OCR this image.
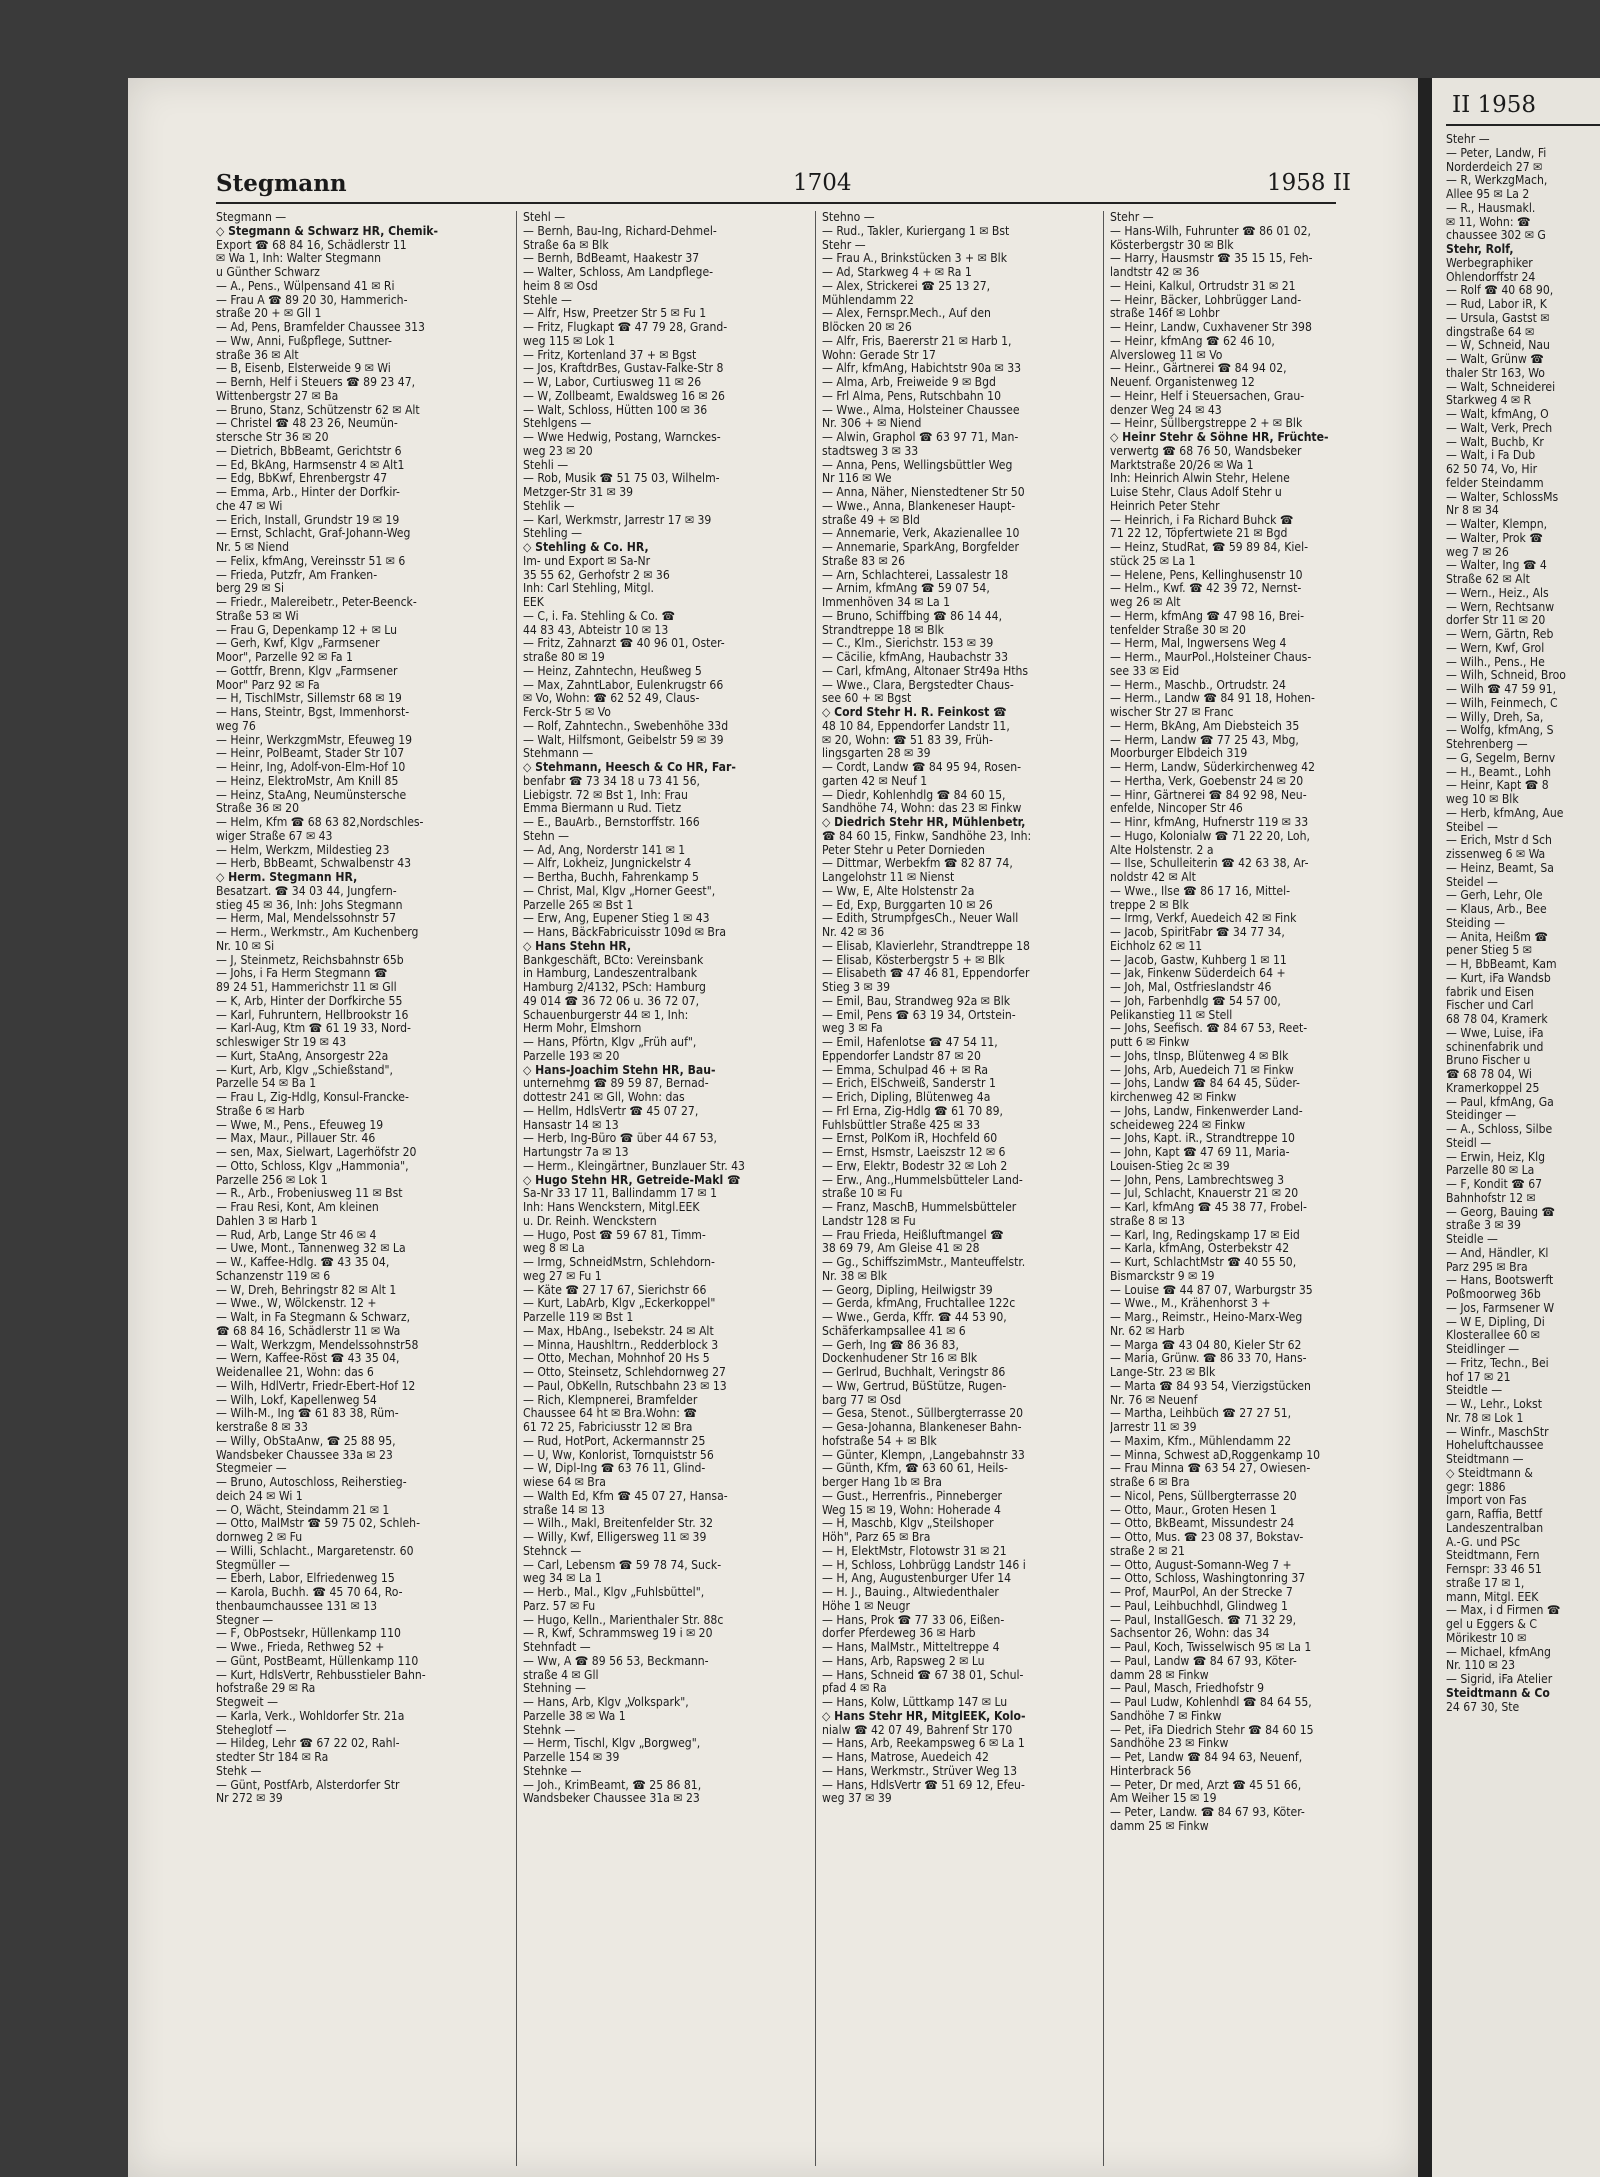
Stegmann	1704	1958 II
Stegmann —
◇ Stegmann & Schwarz HR, Chemik-
Export ☎ 68 84 16, Schädlerstr 11
✉ Wa 1, Inh: Walter Stegmann
u Günther Schwarz
— A., Pens., Wülpensand 41 ✉ Ri
— Frau A ☎ 89 20 30, Hammerich-
straße 20 + ✉ Gll 1
— Ad, Pens, Bramfelder Chaussee 313
— Ww, Anni, Fußpflege, Suttner-
straße 36 ✉ Alt
— B, Eisenb, Elsterweide 9 ✉ Wi
— Bernh, Helf i Steuers ☎ 89 23 47,
Wittenbergstr 27 ✉ Ba
— Bruno, Stanz, Schützenstr 62 ✉ Alt
— Christel ☎ 48 23 26, Neumün-
stersche Str 36 ✉ 20
— Dietrich, BbBeamt, Gerichtstr 6
— Ed, BkAng, Harmsenstr 4 ✉ Alt1
— Edg, BbKwf, Ehrenbergstr 47
— Emma, Arb., Hinter der Dorfkir-
che 47 ✉ Wi
— Erich, Install, Grundstr 19 ✉ 19
— Ernst, Schlacht, Graf-Johann-Weg
Nr. 5 ✉ Niend
— Felix, kfmAng, Vereinsstr 51 ✉ 6
— Frieda, Putzfr, Am Franken-
berg 29 ✉ Si
— Friedr., Malereibetr., Peter-Beenck-
Straße 53 ✉ Wi
— Frau G, Depenkamp 12 + ✉ Lu
— Gerh, Kwf, Klgv „Farmsener
Moor", Parzelle 92 ✉ Fa 1
— Gottfr, Brenn, Klgv „Farmsener
Moor" Parz 92 ✉ Fa
— H, TischlMstr, Sillemstr 68 ✉ 19
— Hans, Steintr, Bgst, Immenhorst-
weg 76
— Heinr, WerkzgmMstr, Efeuweg 19
— Heinr, PolBeamt, Stader Str 107
— Heinr, Ing, Adolf-von-Elm-Hof 10
— Heinz, ElektroMstr, Am Knill 85
— Heinz, StaAng, Neumünstersche
Straße 36 ✉ 20
— Helm, Kfm ☎ 68 63 82,Nordschles-
wiger Straße 67 ✉ 43
— Helm, Werkzm, Mildestieg 23
— Herb, BbBeamt, Schwalbenstr 43
◇ Herm. Stegmann HR,
Besatzart. ☎ 34 03 44, Jungfern-
stieg 45 ✉ 36, Inh: Johs Stegmann
— Herm, Mal, Mendelssohnstr 57
— Herm., Werkmstr., Am Kuchenberg
Nr. 10 ✉ Si
— J, Steinmetz, Reichsbahnstr 65b
— Johs, i Fa Herm Stegmann ☎
89 24 51, Hammerichstr 11 ✉ Gll
— K, Arb, Hinter der Dorfkirche 55
— Karl, Fuhruntern, Hellbrookstr 16
— Karl-Aug, Ktm ☎ 61 19 33, Nord-
schleswiger Str 19 ✉ 43
— Kurt, StaAng, Ansorgestr 22a
— Kurt, Arb, Klgv „Schießstand",
Parzelle 54 ✉ Ba 1
— Frau L, Zig-Hdlg, Konsul-Francke-
Straße 6 ✉ Harb
— Wwe, M., Pens., Efeuweg 19
— Max, Maur., Pillauer Str. 46
— sen, Max, Sielwart, Lagerhöfstr 20
— Otto, Schloss, Klgv „Hammonia",
Parzelle 256 ✉ Lok 1
— R., Arb., Frobeniusweg 11 ✉ Bst
— Frau Resi, Kont, Am kleinen
Dahlen 3 ✉ Harb 1
— Rud, Arb, Lange Str 46 ✉ 4
— Uwe, Mont., Tannenweg 32 ✉ La
— W., Kaffee-Hdlg. ☎ 43 35 04,
Schanzenstr 119 ✉ 6
— W, Dreh, Behringstr 82 ✉ Alt 1
— Wwe., W, Wölckenstr. 12 +
— Walt, in Fa Stegmann & Schwarz,
☎ 68 84 16, Schädlerstr 11 ✉ Wa
— Walt, Werkzgm, Mendelssohnstr58
— Wern, Kaffee-Röst ☎ 43 35 04,
Weidenallee 21, Wohn: das 6
— Wilh, HdlVertr, Friedr-Ebert-Hof 12
— Wilh, Lokf, Kapellenweg 54
— Wilh-M., Ing ☎ 61 83 38, Rüm-
kerstraße 8 ✉ 33
— Willy, ObStaAnw, ☎ 25 88 95,
Wandsbeker Chaussee 33a ✉ 23
Stegmeier —
— Bruno, Autoschloss, Reiherstieg-
deich 24 ✉ Wi 1
— O, Wächt, Steindamm 21 ✉ 1
— Otto, MalMstr ☎ 59 75 02, Schleh-
dornweg 2 ✉ Fu
— Willi, Schlacht., Margaretenstr. 60
Stegmüller —
— Eberh, Labor, Elfriedenweg 15
— Karola, Buchh. ☎ 45 70 64, Ro-
thenbaumchaussee 131 ✉ 13
Stegner —
— F, ObPostsekr, Hüllenkamp 110
— Wwe., Frieda, Rethweg 52 +
— Günt, PostBeamt, Hüllenkamp 110
— Kurt, HdlsVertr, Rehbusstieler Bahn-
hofstraße 29 ✉ Ra
Stegweit —
— Karla, Verk., Wohldorfer Str. 21a
Steheglotf —
— Hildeg, Lehr ☎ 67 22 02, Rahl-
stedter Str 184 ✉ Ra
Stehk —
— Günt, PostfArb, Alsterdorfer Str
Nr 272 ✉ 39
Stehl —
— Bernh, Bau-Ing, Richard-Dehmel-
Straße 6a ✉ Blk
— Bernh, BdBeamt, Haakestr 37
— Walter, Schloss, Am Landpflege-
heim 8 ✉ Osd
Stehle —
— Alfr, Hsw, Preetzer Str 5 ✉ Fu 1
— Fritz, Flugkapt ☎ 47 79 28, Grand-
weg 115 ✉ Lok 1
— Fritz, Kortenland 37 + ✉ Bgst
— Jos, KraftdrBes, Gustav-Falke-Str 8
— W, Labor, Curtiusweg 11 ✉ 26
— W, Zollbeamt, Ewaldsweg 16 ✉ 26
— Walt, Schloss, Hütten 100 ✉ 36
Stehlgens —
— Wwe Hedwig, Postang, Warnckes-
weg 23 ✉ 20
Stehli —
— Rob, Musik ☎ 51 75 03, Wilhelm-
Metzger-Str 31 ✉ 39
Stehlik —
— Karl, Werkmstr, Jarrestr 17 ✉ 39
Stehling —
◇ Stehling & Co. HR,
Im- und Export ✉ Sa-Nr
35 55 62, Gerhofstr 2 ✉ 36
Inh: Carl Stehling, Mitgl.
EEK
— C, i. Fa. Stehling & Co. ☎
44 83 43, Abteistr 10 ✉ 13
— Fritz, Zahnarzt ☎ 40 96 01, Oster-
straße 80 ✉ 19
— Heinz, Zahntechn, Heußweg 5
— Max, ZahntLabor, Eulenkrugstr 66
✉ Vo, Wohn: ☎ 62 52 49, Claus-
Ferck-Str 5 ✉ Vo
— Rolf, Zahntechn., Swebenhöhe 33d
— Walt, Hilfsmont, Geibelstr 59 ✉ 39
Stehmann —
◇ Stehmann, Heesch & Co HR, Far-
benfabr ☎ 73 34 18 u 73 41 56,
Liebigstr. 72 ✉ Bst 1, Inh: Frau
Emma Biermann u Rud. Tietz
— E., BauArb., Bernstorffstr. 166
Stehn —
— Ad, Ang, Norderstr 141 ✉ 1
— Alfr, Lokheiz, Jungnickelstr 4
— Bertha, Buchh, Fahrenkamp 5
— Christ, Mal, Klgv „Horner Geest",
Parzelle 265 ✉ Bst 1
— Erw, Ang, Eupener Stieg 1 ✉ 43
— Hans, BäckFabricuisstr 109d ✉ Bra
◇ Hans Stehn HR,
Bankgeschäft, BCto: Vereinsbank
in Hamburg, Landeszentralbank
Hamburg 2/4132, PSch: Hamburg
49 014 ☎ 36 72 06 u. 36 72 07,
Schauenburgerstr 44 ✉ 1, Inh:
Herm Mohr, Elmshorn
— Hans, Pförtn, Klgv „Früh auf",
Parzelle 193 ✉ 20
◇ Hans-Joachim Stehn HR, Bau-
unternehmg ☎ 89 59 87, Bernad-
dottestr 241 ✉ Gll, Wohn: das
— Hellm, HdlsVertr ☎ 45 07 27,
Hansastr 14 ✉ 13
— Herb, Ing-Büro ☎ über 44 67 53,
Hartungstr 7a ✉ 13
— Herm., Kleingärtner, Bunzlauer Str. 43
◇ Hugo Stehn HR, Getreide-Makl ☎
Sa-Nr 33 17 11, Ballindamm 17 ✉ 1
Inh: Hans Wenckstern, Mitgl.EEK
u. Dr. Reinh. Wenckstern
— Hugo, Post ☎ 59 67 81, Timm-
weg 8 ✉ La
— Irmg, SchneidMstrn, Schlehdorn-
weg 27 ✉ Fu 1
— Käte ☎ 27 17 67, Sierichstr 66
— Kurt, LabArb, Klgv „Eckerkoppel"
Parzelle 119 ✉ Bst 1
— Max, HbAng., Isebekstr. 24 ✉ Alt
— Minna, Haushltrn., Redderblock 3
— Otto, Mechan, Mohnhof 20 Hs 5
— Otto, Steinsetz, Schlehdornweg 27
— Paul, ObKelln, Rutschbahn 23 ✉ 13
— Rich, Klempnerei, Bramfelder
Chaussee 64 ht ✉ Bra.Wohn: ☎
61 72 25, Fabriciusstr 12 ✉ Bra
— Rud, HotPort, Ackermannstr 25
— U, Ww, Konlorist, Tornquiststr 56
— W, Dipl-Ing ☎ 63 76 11, Glind-
wiese 64 ✉ Bra
— Walth Ed, Kfm ☎ 45 07 27, Hansa-
straße 14 ✉ 13
— Wilh., Makl, Breitenfelder Str. 32
— Willy, Kwf, Elligersweg 11 ✉ 39
Stehnck —
— Carl, Lebensm ☎ 59 78 74, Suck-
weg 34 ✉ La 1
— Herb., Mal., Klgv „Fuhlsbüttel",
Parz. 57 ✉ Fu
— Hugo, Kelln., Marienthaler Str. 88c
— R, Kwf, Schrammsweg 19 i ✉ 20
Stehnfadt —
— Ww, A ☎ 89 56 53, Beckmann-
straße 4 ✉ Gll
Stehning —
— Hans, Arb, Klgv „Volkspark",
Parzelle 38 ✉ Wa 1
Stehnk —
— Herm, Tischl, Klgv „Borgweg",
Parzelle 154 ✉ 39
Stehnke —
— Joh., KrimBeamt, ☎ 25 86 81,
Wandsbeker Chaussee 31a ✉ 23
Stehno —
— Rud., Takler, Kuriergang 1 ✉ Bst
Stehr —
— Frau A., Brinkstücken 3 + ✉ Blk
— Ad, Starkweg 4 + ✉ Ra 1
— Alex, Strickerei ☎ 25 13 27,
Mühlendamm 22
— Alex, Fernspr.Mech., Auf den
Blöcken 20 ✉ 26
— Alfr, Fris, Baererstr 21 ✉ Harb 1,
Wohn: Gerade Str 17
— Alfr, kfmAng, Habichtstr 90a ✉ 33
— Alma, Arb, Freiweide 9 ✉ Bgd
— Frl Alma, Pens, Rutschbahn 10
— Wwe., Alma, Holsteiner Chaussee
Nr. 306 + ✉ Niend
— Alwin, Graphol ☎ 63 97 71, Man-
stadtsweg 3 ✉ 33
— Anna, Pens, Wellingsbüttler Weg
Nr 116 ✉ We
— Anna, Näher, Nienstedtener Str 50
— Wwe., Anna, Blankeneser Haupt-
straße 49 + ✉ Bld
— Annemarie, Verk, Akazienallee 10
— Annemarie, SparkAng, Borgfelder
Straße 83 ✉ 26
— Arn, Schlachterei, Lassalestr 18
— Arnim, kfmAng ☎ 59 07 54,
Immenhöven 34 ✉ La 1
— Bruno, Schiffbing ☎ 86 14 44,
Strandtreppe 18 ✉ Blk
— C., Klm., Sierichstr. 153 ✉ 39
— Cäcilie, kfmAng, Haubachstr 33
— Carl, kfmAng, Altonaer Str49a Hths
— Wwe., Clara, Bergstedter Chaus-
see 60 + ✉ Bgst
◇ Cord Stehr H. R. Feinkost ☎
48 10 84, Eppendorfer Landstr 11,
✉ 20, Wohn: ☎ 51 83 39, Früh-
lingsgarten 28 ✉ 39
— Cordt, Landw ☎ 84 95 94, Rosen-
garten 42 ✉ Neuf 1
— Diedr, Kohlenhdlg ☎ 84 60 15,
Sandhöhe 74, Wohn: das 23 ✉ Finkw
◇ Diedrich Stehr HR, Mühlenbetr,
☎ 84 60 15, Finkw, Sandhöhe 23, Inh:
Peter Stehr u Peter Dornieden
— Dittmar, Werbekfm ☎ 82 87 74,
Langelohstr 11 ✉ Nienst
— Ww, E, Alte Holstenstr 2a
— Ed, Exp, Burggarten 10 ✉ 26
— Edith, StrumpfgesCh., Neuer Wall
Nr. 42 ✉ 36
— Elisab, Klavierlehr, Strandtreppe 18
— Elisab, Kösterbergstr 5 + ✉ Blk
— Elisabeth ☎ 47 46 81, Eppendorfer
Stieg 3 ✉ 39
— Emil, Bau, Strandweg 92a ✉ Blk
— Emil, Pens ☎ 63 19 34, Ortstein-
weg 3 ✉ Fa
— Emil, Hafenlotse ☎ 47 54 11,
Eppendorfer Landstr 87 ✉ 20
— Emma, Schulpad 46 + ✉ Ra
— Erich, ElSchweiß, Sanderstr 1
— Erich, Dipling, Blütenweg 4a
— Frl Erna, Zig-Hdlg ☎ 61 70 89,
Fuhlsbüttler Straße 425 ✉ 33
— Ernst, PolKom iR, Hochfeld 60
— Ernst, Hsmstr, Laeiszstr 12 ✉ 6
— Erw, Elektr, Bodestr 32 ✉ Loh 2
— Erw., Ang.,Hummelsbütteler Land-
straße 10 ✉ Fu
— Franz, MaschB, Hummelsbütteler
Landstr 128 ✉ Fu
— Frau Frieda, Heißluftmangel ☎
38 69 79, Am Gleise 41 ✉ 28
— Gg., SchiffszimMstr., Manteuffelstr.
Nr. 38 ✉ Blk
— Georg, Dipling, Heilwigstr 39
— Gerda, kfmAng, Fruchtallee 122c
— Wwe., Gerda, Kffr. ☎ 44 53 90,
Schäferkampsallee 41 ✉ 6
— Gerh, Ing ☎ 86 36 83,
Dockenhudener Str 16 ✉ Blk
— Gerlrud, Buchhalt, Veringstr 86
— Ww, Gertrud, BüStütze, Rugen-
barg 77 ✉ Osd
— Gesa, Stenot., Süllbergterrasse 20
— Gesa-Johanna, Blankeneser Bahn-
hofstraße 54 + ✉ Blk
— Günter, Klempn, ,Langebahnstr 33
— Günth, Kfm, ☎ 63 60 61, Heils-
berger Hang 1b ✉ Bra
— Gust., Herrenfris., Pinneberger
Weg 15 ✉ 19, Wohn: Hoherade 4
— H, Maschb, Klgv „Steilshoper
Höh", Parz 65 ✉ Bra
— H, ElektMstr, Flotowstr 31 ✉ 21
— H, Schloss, Lohbrügg Landstr 146 i
— H, Ang, Augustenburger Ufer 14
— H. J., Bauing., Altwiedenthaler
Höhe 1 ✉ Neugr
— Hans, Prok ☎ 77 33 06, Eißen-
dorfer Pferdeweg 36 ✉ Harb
— Hans, MalMstr., Mitteltreppe 4
— Hans, Arb, Rapsweg 2 ✉ Lu
— Hans, Schneid ☎ 67 38 01, Schul-
pfad 4 ✉ Ra
— Hans, Kolw, Lüttkamp 147 ✉ Lu
◇ Hans Stehr HR, MitglEEK, Kolo-
nialw ☎ 42 07 49, Bahrenf Str 170
— Hans, Arb, Reekampsweg 6 ✉ La 1
— Hans, Matrose, Auedeich 42
— Hans, Werkmstr., Strüver Weg 13
— Hans, HdlsVertr ☎ 51 69 12, Efeu-
weg 37 ✉ 39
Stehr —
— Hans-Wilh, Fuhrunter ☎ 86 01 02,
Kösterbergstr 30 ✉ Blk
— Harry, Hausmstr ☎ 35 15 15, Feh-
landtstr 42 ✉ 36
— Heini, Kalkul, Ortrudstr 31 ✉ 21
— Heinr, Bäcker, Lohbrügger Land-
straße 146f ✉ Lohbr
— Heinr, Landw, Cuxhavener Str 398
— Heinr, kfmAng ☎ 62 46 10,
Alversloweg 11 ✉ Vo
— Heinr., Gärtnerei ☎ 84 94 02,
Neuenf. Organistenweg 12
— Heinr, Helf i Steuersachen, Grau-
denzer Weg 24 ✉ 43
— Heinr, Süllbergstreppe 2 + ✉ Blk
◇ Heinr Stehr & Söhne HR, Früchte-
verwertg ☎ 68 76 50, Wandsbeker
Marktstraße 20/26 ✉ Wa 1
Inh: Heinrich Alwin Stehr, Helene
Luise Stehr, Claus Adolf Stehr u
Heinrich Peter Stehr
— Heinrich, i Fa Richard Buhck ☎
71 22 12, Töpfertwiete 21 ✉ Bgd
— Heinz, StudRat, ☎ 59 89 84, Kiel-
stück 25 ✉ La 1
— Helene, Pens, Kellinghusenstr 10
— Helm., Kwf. ☎ 42 39 72, Nernst-
weg 26 ✉ Alt
— Herm, kfmAng ☎ 47 98 16, Brei-
tenfelder Straße 30 ✉ 20
— Herm, Mal, Ingwersens Weg 4
— Herm., MaurPol.,Holsteiner Chaus-
see 33 ✉ Eid
— Herm., Maschb., Ortrudstr. 24
— Herm., Landw ☎ 84 91 18, Hohen-
wischer Str 27 ✉ Franc
— Herm, BkAng, Am Diebsteich 35
— Herm, Landw ☎ 77 25 43, Mbg,
Moorburger Elbdeich 319
— Herm, Landw, Süderkirchenweg 42
— Hertha, Verk, Goebenstr 24 ✉ 20
— Hinr, Gärtnerei ☎ 84 92 98, Neu-
enfelde, Nincoper Str 46
— Hinr, kfmAng, Hufnerstr 119 ✉ 33
— Hugo, Kolonialw ☎ 71 22 20, Loh,
Alte Holstenstr. 2 a
— Ilse, Schulleiterin ☎ 42 63 38, Ar-
noldstr 42 ✉ Alt
— Wwe., Ilse ☎ 86 17 16, Mittel-
treppe 2 ✉ Blk
— Irmg, Verkf, Auedeich 42 ✉ Fink
— Jacob, SpiritFabr ☎ 34 77 34,
Eichholz 62 ✉ 11
— Jacob, Gastw, Kuhberg 1 ✉ 11
— Jak, Finkenw Süderdeich 64 +
— Joh, Mal, Ostfrieslandstr 46
— Joh, Farbenhdlg ☎ 54 57 00,
Pelikanstieg 11 ✉ Stell
— Johs, Seefisch. ☎ 84 67 53, Reet-
putt 6 ✉ Finkw
— Johs, tInsp, Blütenweg 4 ✉ Blk
— Johs, Arb, Auedeich 71 ✉ Finkw
— Johs, Landw ☎ 84 64 45, Süder-
kirchenweg 42 ✉ Finkw
— Johs, Landw, Finkenwerder Land-
scheideweg 224 ✉ Finkw
— Johs, Kapt. iR., Strandtreppe 10
— John, Kapt ☎ 47 69 11, Maria-
Louisen-Stieg 2c ✉ 39
— John, Pens, Lambrechtsweg 3
— Jul, Schlacht, Knauerstr 21 ✉ 20
— Karl, kfmAng ☎ 45 38 77, Frobel-
straße 8 ✉ 13
— Karl, Ing, Redingskamp 17 ✉ Eid
— Karla, kfmAng, Osterbekstr 42
— Kurt, SchlachtMstr ☎ 40 55 50,
Bismarckstr 9 ✉ 19
— Louise ☎ 44 87 07, Warburgstr 35
— Wwe., M., Krähenhorst 3 +
— Marg., Reimstr., Heino-Marx-Weg
Nr. 62 ✉ Harb
— Marga ☎ 43 04 80, Kieler Str 62
— Maria, Grünw. ☎ 86 33 70, Hans-
Lange-Str. 23 ✉ Blk
— Marta ☎ 84 93 54, Vierzigstücken
Nr. 76 ✉ Neuenf
— Martha, Leihbüch ☎ 27 27 51,
Jarrestr 11 ✉ 39
— Maxim, Kfm., Mühlendamm 22
— Minna, Schwest aD,Roggenkamp 10
— Frau Minna ☎ 63 54 27, Owiesen-
straße 6 ✉ Bra
— Nicol, Pens, Süllbergterrasse 20
— Otto, Maur., Groten Hesen 1
— Otto, BkBeamt, Missundestr 24
— Otto, Mus. ☎ 23 08 37, Bokstav-
straße 2 ✉ 21
— Otto, August-Somann-Weg 7 +
— Otto, Schloss, Washingtonring 37
— Prof, MaurPol, An der Strecke 7
— Paul, Leihbuchhdl, Glindweg 1
— Paul, InstallGesch. ☎ 71 32 29,
Sachsentor 26, Wohn: das 34
— Paul, Koch, Twisselwisch 95 ✉ La 1
— Paul, Landw ☎ 84 67 93, Köter-
damm 28 ✉ Finkw
— Paul, Masch, Friedhofstr 9
— Paul Ludw, Kohlenhdl ☎ 84 64 55,
Sandhöhe 7 ✉ Finkw
— Pet, iFa Diedrich Stehr ☎ 84 60 15
Sandhöhe 23 ✉ Finkw
— Pet, Landw ☎ 84 94 63, Neuenf,
Hinterbrack 56
— Peter, Dr med, Arzt ☎ 45 51 66,
Am Weiher 15 ✉ 19
— Peter, Landw. ☎ 84 67 93, Köter-
damm 25 ✉ Finkw
II 1958
Stehr —
— Peter, Landw, Fi
Norderdeich 27 ✉
— R, WerkzgMach,
Allee 95 ✉ La 2
— R., Hausmakl.
✉ 11, Wohn: ☎
chaussee 302 ✉ G
Stehr, Rolf,
Werbegraphiker
Ohlendorffstr 24
— Rolf ☎ 40 68 90,
— Rud, Labor iR, K
— Ursula, Gastst ✉
dingstraße 64 ✉
— W, Schneid, Nau
— Walt, Grünw ☎
thaler Str 163, Wo
— Walt, Schneiderei
Starkweg 4 ✉ R
— Walt, kfmAng, O
— Walt, Verk, Prech
— Walt, Buchb, Kr
— Walt, i Fa Dub
62 50 74, Vo, Hir
felder Steindamm
— Walter, SchlossMs
Nr 8 ✉ 34
— Walter, Klempn,
— Walter, Prok ☎
weg 7 ✉ 26
— Walter, Ing ☎ 4
Straße 62 ✉ Alt
— Wern., Heiz., Als
— Wern, Rechtsanw
dorfer Str 11 ✉ 20
— Wern, Gärtn, Reb
— Wern, Kwf, Grol
— Wilh., Pens., He
— Wilh, Schneid, Broo
— Wilh ☎ 47 59 91,
— Wilh, Feinmech, C
— Willy, Dreh, Sa,
— Wolfg, kfmAng, S
Stehrenberg —
— G, Segelm, Bernv
— H., Beamt., Lohh
— Heinr, Kapt ☎ 8
weg 10 ✉ Blk
— Herb, kfmAng, Aue
Steibel —
— Erich, Mstr d Sch
zissenweg 6 ✉ Wa
— Heinz, Beamt, Sa
Steidel —
— Gerh, Lehr, Ole
— Klaus, Arb., Bee
Steiding —
— Anita, Heißm ☎
pener Stieg 5 ✉
— H, BbBeamt, Kam
— Kurt, iFa Wandsb
fabrik und Eisen
Fischer und Carl
68 78 04, Kramerk
— Wwe, Luise, iFa
schinenfabrik und
Bruno Fischer u
☎ 68 78 04, Wi
Kramerkoppel 25
— Paul, kfmAng, Ga
Steidinger —
— A., Schloss, Silbe
Steidl —
— Erwin, Heiz, Klg
Parzelle 80 ✉ La
— F, Kondit ☎ 67
Bahnhofstr 12 ✉
— Georg, Bauing ☎
straße 3 ✉ 39
Steidle —
— And, Händler, Kl
Parz 295 ✉ Bra
— Hans, Bootswerft
Poßmoorweg 36b
— Jos, Farmsener W
— W E, Dipling, Di
Klosterallee 60 ✉
Steidlinger —
— Fritz, Techn., Bei
hof 17 ✉ 21
Steidtle —
— W., Lehr., Lokst
Nr. 78 ✉ Lok 1
— Winfr., MaschStr
Hoheluftchaussee
Steidtmann —
◇ Steidtmann &
gegr: 1886
Import von Fas
garn, Raffia, Bettf
Landeszentralban
A.-G. und PSc
Steidtmann, Fern
Fernspr: 33 46 51
straße 17 ✉ 1,
mann, Mitgl. EEK
— Max, i d Firmen ☎
gel u Eggers & C
Mörikestr 10 ✉
— Michael, kfmAng
Nr. 110 ✉ 23
— Sigrid, iFa Atelier
Steidtmann & Co
24 67 30, Ste
